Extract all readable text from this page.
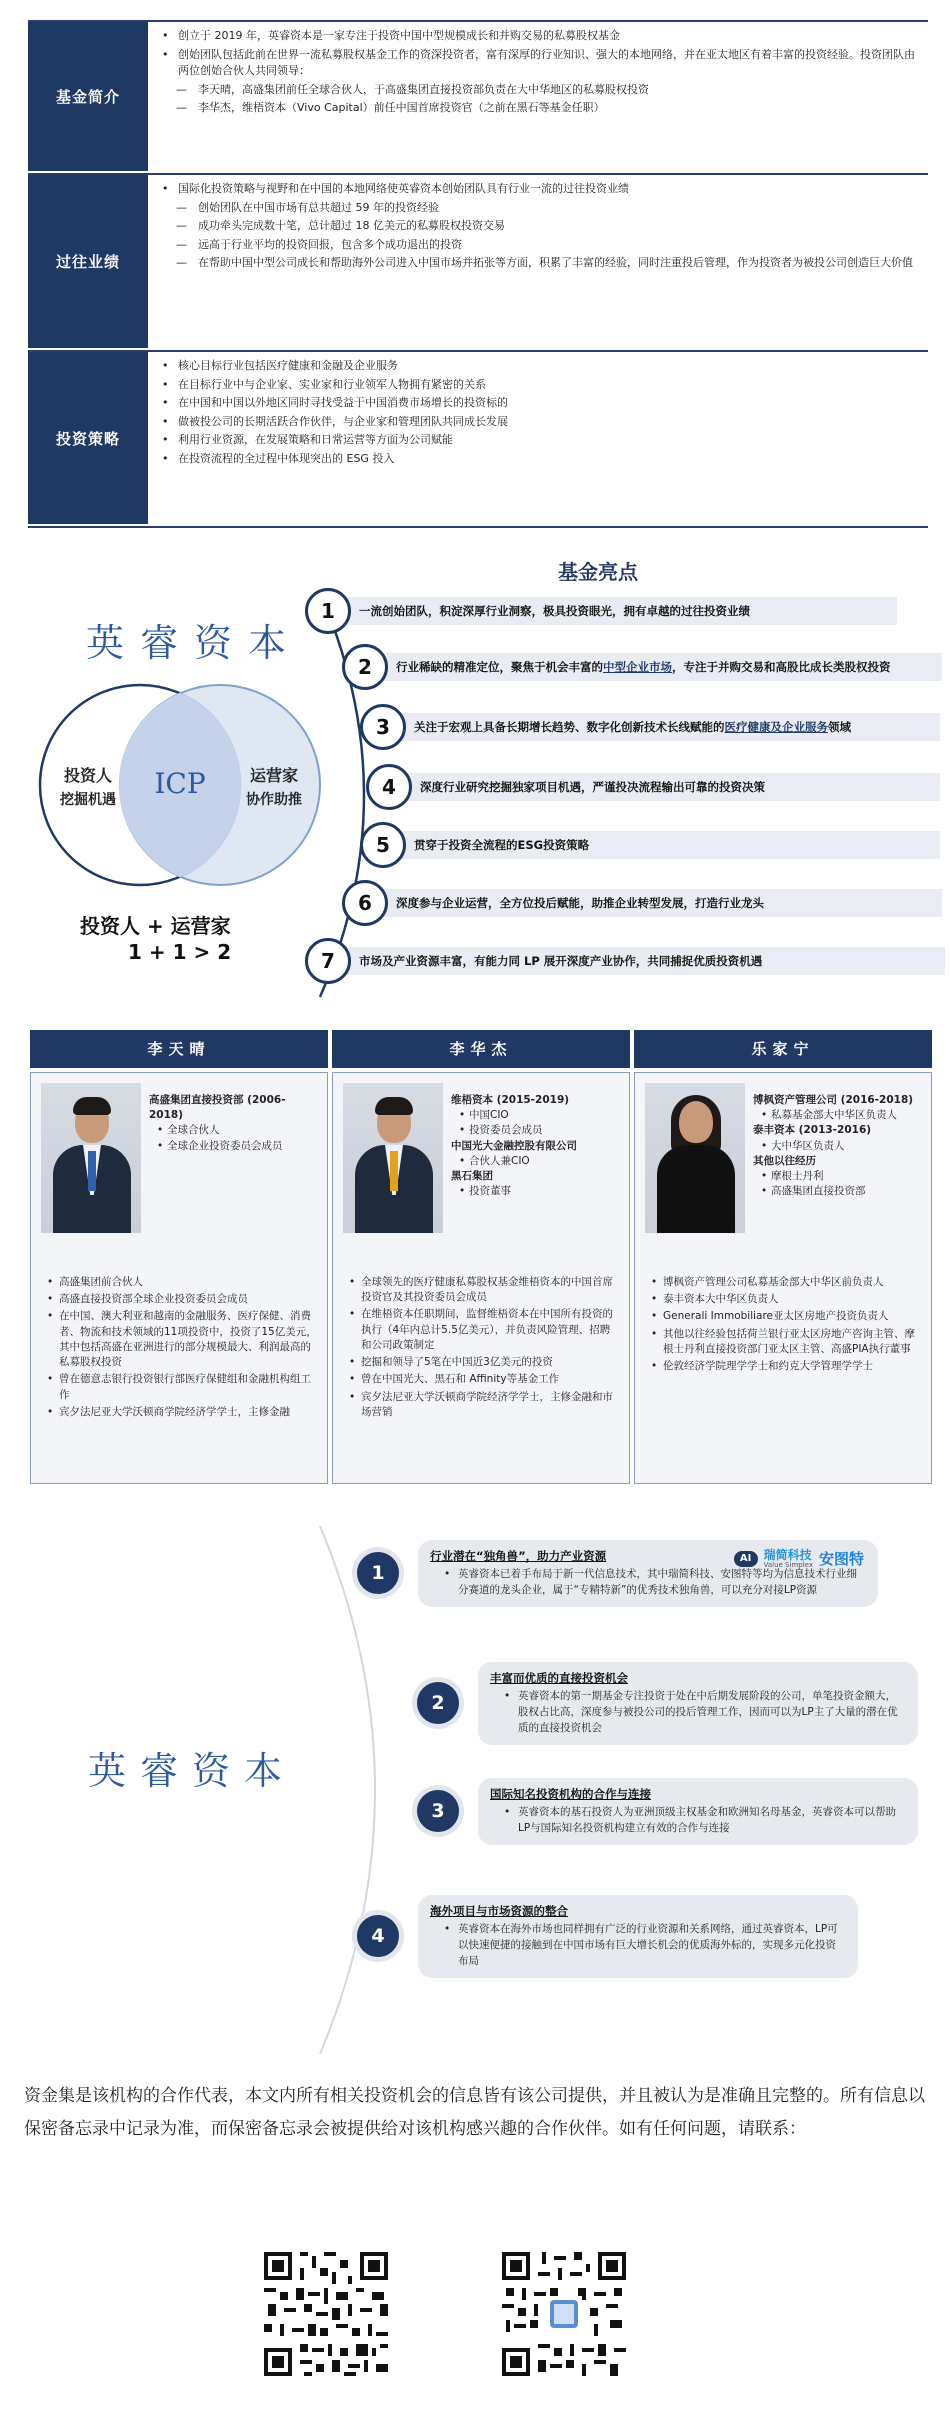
基金简介
• 创立于 2019 年，英睿资本是一家专注于投资中国中型规模成长和并购交易的私募股权基金
• 创始团队包括此前在世界一流私募股权基金工作的资深投资者，富有深厚的行业知识、强大的本地网络，并在亚太地区有着丰富的投资经验。投资团队由两位创始合伙人共同领导：
—	李天晴，高盛集团前任全球合伙人，于高盛集团直接投资部负责在大中华地区的私募股权投资
—	李华杰，维梧资本（Vivo Capital）前任中国首席投资官（之前在黑石等基金任职）
过往业绩
• 国际化投资策略与视野和在中国的本地网络使英睿资本创始团队具有行业一流的过往投资业绩
—	创始团队在中国市场有总共超过 59 年的投资经验
—	成功牵头完成数十笔，总计超过 18 亿美元的私募股权投资交易
—	远高于行业平均的投资回报，包含多个成功退出的投资
—	在帮助中国中型公司成长和帮助海外公司进入中国市场并拓张等方面，积累了丰富的经验，同时注重投后管理，作为投资者为被投公司创造巨大价值
投资策略
• 核心目标行业包括医疗健康和金融及企业服务
• 在目标行业中与企业家、实业家和行业领军人物拥有紧密的关系
• 在中国和中国以外地区同时寻找受益于中国消费市场增长的投资标的
• 做被投公司的长期活跃合作伙伴，与企业家和管理团队共同成长发展
• 利用行业资源，在发展策略和日常运营等方面为公司赋能
• 在投资流程的全过程中体现突出的 ESG 投入
英睿资本
投资人
挖掘机遇	ICP	运营家
协作助推
投资人 + 运营家
1 + 1 > 2
基金亮点
1	一流创始团队，积淀深厚行业洞察，极具投资眼光，拥有卓越的过往投资业绩
2	行业稀缺的精准定位，聚焦于机会丰富的中型企业市场，专注于并购交易和高股比成长类股权投资
3	关注于宏观上具备长期增长趋势、数字化创新技术长线赋能的医疗健康及企业服务领域
4	深度行业研究挖掘独家项目机遇，严谨投决流程输出可靠的投资决策
5	贯穿于投资全流程的ESG投资策略
6	深度参与企业运营，全方位投后赋能，助推企业转型发展，打造行业龙头
7	市场及产业资源丰富，有能力同 LP 展开深度产业协作，共同捕捉优质投资机遇
李天晴
高盛集团直接投资部 (2006-2018)
• 全球合伙人
• 全球企业投资委员会成员
• 高盛集团前合伙人
• 高盛直接投资部全球企业投资委员会成员
• 在中国、澳大利亚和越南的金融服务、医疗保健、消费者、物流和技术领域的11项投资中，投资了15亿美元，其中包括高盛在亚洲进行的部分规模最大、利润最高的私募股权投资
• 曾在德意志银行投资银行部医疗保健组和金融机构组工作
• 宾夕法尼亚大学沃顿商学院经济学学士，主修金融
李华杰
维梧资本 (2015-2019)
• 中国CIO
• 投资委员会成员
中国光大金融控股有限公司
• 合伙人兼CIO
黑石集团
• 投资董事
• 全球领先的医疗健康私募股权基金维梧资本的中国首席投资官及其投资委员会成员
• 在维梧资本任职期间，监督维梧资本在中国所有投资的执行（4年内总计5.5亿美元），并负责风险管理、招聘和公司政策制定
• 挖掘和领导了5笔在中国近3亿美元的投资
• 曾在中国光大、黑石和 Affinity等基金工作
• 宾夕法尼亚大学沃顿商学院经济学学士，主修金融和市场营销
乐家宁
博枫资产管理公司 (2016-2018)
• 私募基金部大中华区负责人
泰丰资本 (2013-2016)
• 大中华区负责人
其他以往经历
• 摩根士丹利
• 高盛集团直接投资部
• 博枫资产管理公司私募基金部大中华区前负责人
• 泰丰资本大中华区负责人
• Generali Immobiliare亚太区房地产投资负责人
• 其他以往经验包括荷兰银行亚太区房地产咨询主管、摩根士丹利直接投资部门亚太区主管、高盛PIA执行董事
• 伦敦经济学院理学学士和约克大学管理学学士
英睿资本
1
行业潜在“独角兽”，助力产业资源	AI	瑞简科技
Value Simplex 安图特
• 英睿资本已着手布局于新一代信息技术，其中瑞简科技、安图特等均为信息技术行业细分赛道的龙头企业，属于“专精特新”的优秀技术独角兽，可以充分对接LP资源
2
丰富而优质的直接投资机会
• 英睿资本的第一期基金专注投资于处在中后期发展阶段的公司，单笔投资金额大，股权占比高，深度参与被投公司的投后管理工作，因而可以为LP主了大量的潜在优质的直接投资机会
3
国际知名投资机构的合作与连接
• 英睿资本的基石投资人为亚洲顶级主权基金和欧洲知名母基金，英睿资本可以帮助LP与国际知名投资机构建立有效的合作与连接
4
海外项目与市场资源的整合
• 英睿资本在海外市场也同样拥有广泛的行业资源和关系网络，通过英睿资本，LP可以快速便捷的接触到在中国市场有巨大增长机会的优质海外标的，实现多元化投资布局
资金集是该机构的合作代表，本文内所有相关投资机会的信息皆有该公司提供，并且被认为是准确且完整的。所有信息以保密备忘录中记录为准，而保密备忘录会被提供给对该机构感兴趣的合作伙伴。如有任何问题，请联系：
